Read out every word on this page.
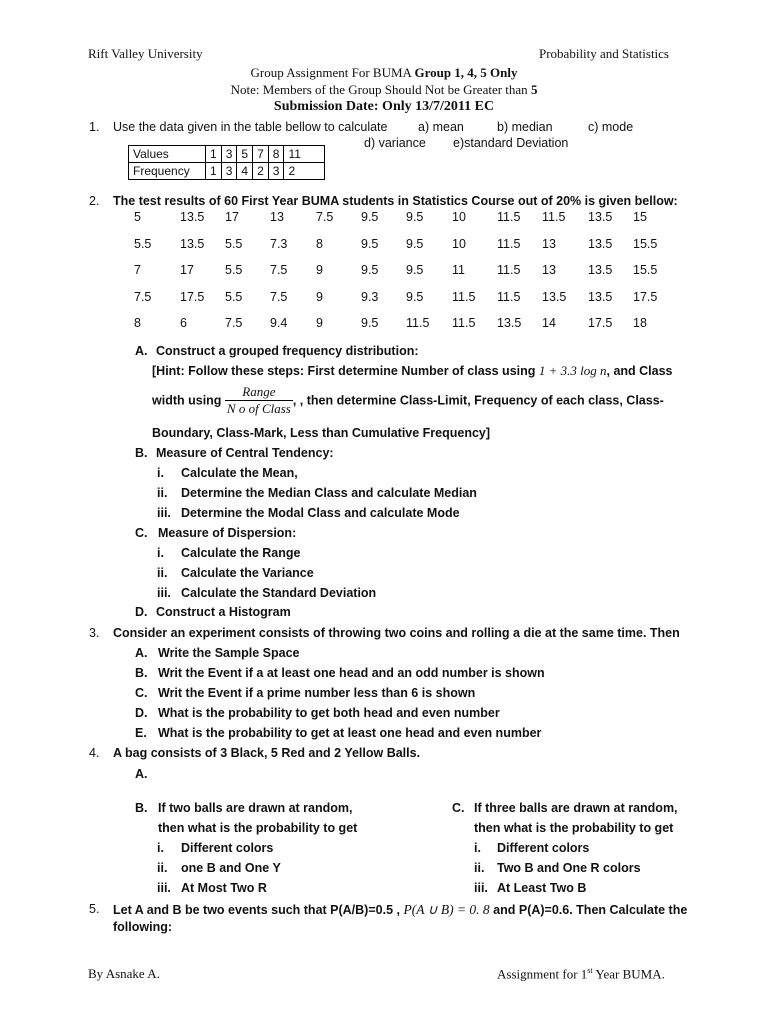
Rift Valley University	Probability and Statistics
Group Assignment For BUMA Group 1, 4, 5 Only
Note: Members of the Group Should Not be Greater than 5
Submission Date: Only 13/7/2011 EC
1. Use the data given in the table bellow to calculate a) mean	b) median	c) mode
d) variance e)standard Deviation
Values	1	3	5	7	8	11
Frequency	1	3	4	2	3	2
2. The test results of 60 First Year BUMA students in Statistics Course out of 20% is given bellow:
5	13.5 17 13	7.5 9.5 9.5 10 11.5 11.5 13.5 15
5.5 13.5 5.5 7.3 8	9.5 9.5 10 11.5 13	13.5 15.5
7	17 5.5 7.5 9	9.5 9.5 11	11.5 13	13.5 15.5
7.5 17.5 5.5 7.5 9	9.3 9.5 11.5 11.5 13.5 13.5 17.5
8	6	7.5 9.4 9	9.5 11.5 11.5 13.5 14	17.5 18
A. Construct a grouped frequency distribution:
[Hint: Follow these steps: First determine Number of class using 1 + 3.3 log n, and Class
width using $\frac{\text{Range}}{\text{N o of Class}}$ , , then determine Class-Limit, Frequency of each class, Class-
Boundary, Class-Mark, Less than Cumulative Frequency]
B. Measure of Central Tendency:
i. Calculate the Mean,
ii. Determine the Median Class and calculate Median
iii. Determine the Modal Class and calculate Mode
C. Measure of Dispersion:
i. Calculate the Range
ii. Calculate the Variance
iii. Calculate the Standard Deviation
D. Construct a Histogram
3. Consider an experiment consists of throwing two coins and rolling a die at the same time. Then
A. Write the Sample Space
B. Writ the Event if a at least one head and an odd number is shown
C. Writ the Event if a prime number less than 6 is shown
D. What is the probability to get both head and even number
E. What is the probability to get at least one head and even number
4. A bag consists of 3 Black, 5 Red and 2 Yellow Balls.
A.
B. If two balls are drawn at random,
then what is the probability to get
i. Different colors
ii. one B and One Y
iii. At Most Two R
C. If three balls are drawn at random,
then what is the probability to get
i. Different colors
ii. Two B and One R colors
iii. At Least Two B
5. Let A and B be two events such that P(A/B)=0.5 , P(A ∪ B) = 0. 8 and P(A)=0.6. Then Calculate the
following:
By Asnake A.	Assignment for 1st Year BUMA.
